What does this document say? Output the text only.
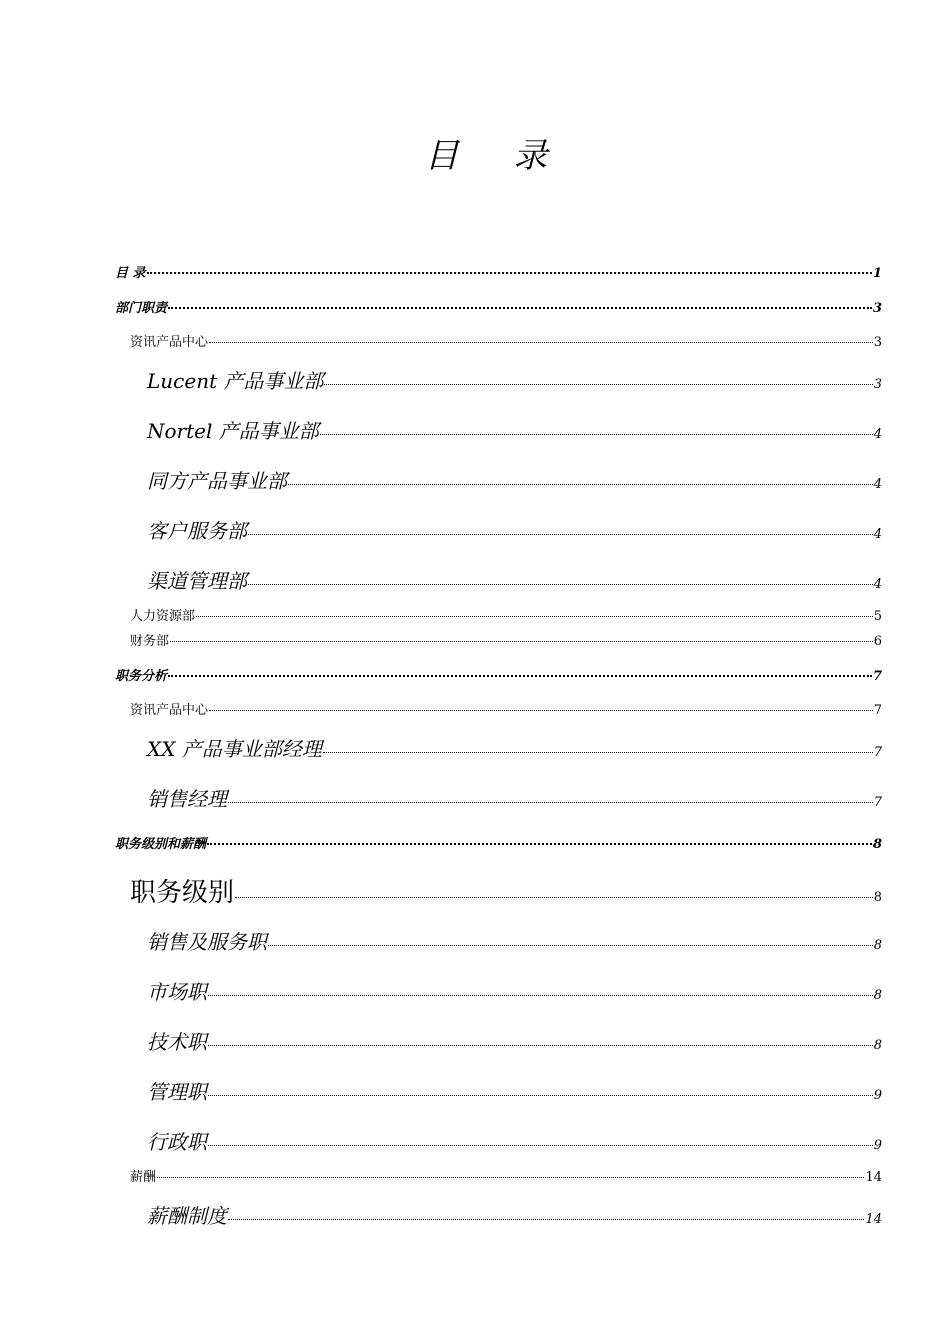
目 录
目 录	1
部门职责	3
资讯产品中心	3
Lucent 产品事业部	3
Nortel 产品事业部	4
同方产品事业部	4
客户服务部	4
渠道管理部	4
人力资源部	5
财务部	6
职务分析	7
资讯产品中心	7
XX 产品事业部经理	7
销售经理	7
职务级别和薪酬	8
职务级别	8
销售及服务职	8
市场职	8
技术职	8
管理职	9
行政职	9
薪酬	14
薪酬制度	14
